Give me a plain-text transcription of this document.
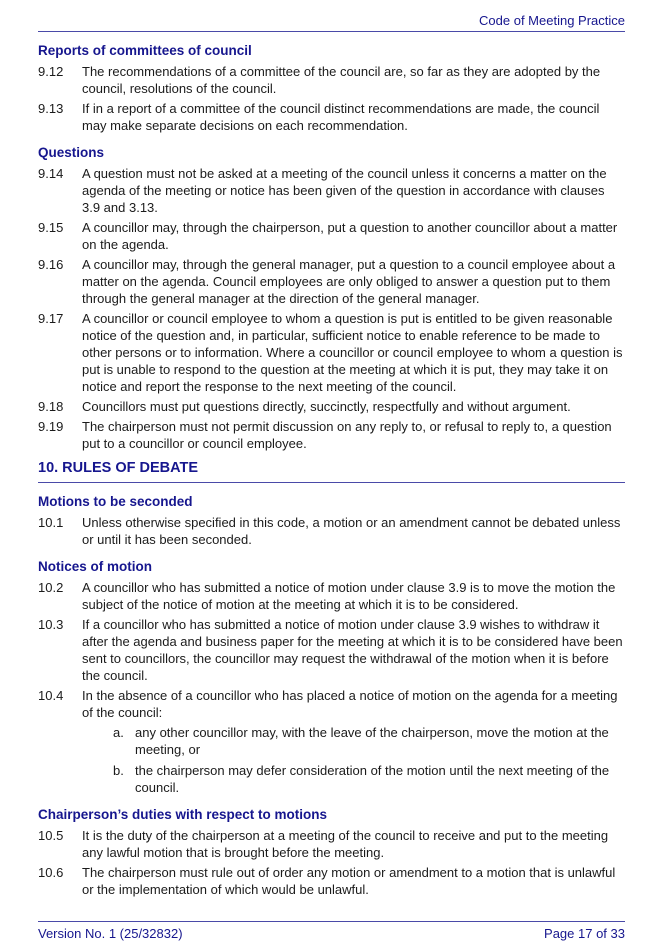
Code of Meeting Practice
Reports of committees of council
9.12	The recommendations of a committee of the council are, so far as they are adopted by the council, resolutions of the council.

9.13	If in a report of a committee of the council distinct recommendations are made, the council may make separate decisions on each recommendation.

Questions
9.14	A question must not be asked at a meeting of the council unless it concerns a matter on the agenda of the meeting or notice has been given of the question in accordance with clauses 3.9 and 3.13.

9.15	A councillor may, through the chairperson, put a question to another councillor about a matter on the agenda.

9.16	A councillor may, through the general manager, put a question to a council employee about a matter on the agenda. Council employees are only obliged to answer a question put to them through the general manager at the direction of the general manager.

9.17	A councillor or council employee to whom a question is put is entitled to be given reasonable notice of the question and, in particular, sufficient notice to enable reference to be made to other persons or to information. Where a councillor or council employee to whom a question is put is unable to respond to the question at the meeting at which it is put, they may take it on notice and report the response to the next meeting of the council.

9.18	Councillors must put questions directly, succinctly, respectfully and without argument.

9.19	The chairperson must not permit discussion on any reply to, or refusal to reply to, a question put to a councillor or council employee.

10. RULES OF DEBATE
Motions to be seconded
10.1	Unless otherwise specified in this code, a motion or an amendment cannot be debated unless or until it has been seconded.

Notices of motion
10.2	A councillor who has submitted a notice of motion under clause 3.9 is to move the motion the subject of the notice of motion at the meeting at which it is to be considered.

10.3	If a councillor who has submitted a notice of motion under clause 3.9 wishes to withdraw it after the agenda and business paper for the meeting at which it is to be considered have been sent to councillors, the councillor may request the withdrawal of the motion when it is before the council.

10.4	In the absence of a councillor who has placed a notice of motion on the agenda for a meeting of the council:

a. any other councillor may, with the leave of the chairperson, move the motion at the meeting, or

b. the chairperson may defer consideration of the motion until the next meeting of the council.

Chairperson’s duties with respect to motions
10.5	It is the duty of the chairperson at a meeting of the council to receive and put to the meeting any lawful motion that is brought before the meeting.

10.6	The chairperson must rule out of order any motion or amendment to a motion that is unlawful or the implementation of which would be unlawful.

Version No. 1 (25/32832)	Page 17 of 33
